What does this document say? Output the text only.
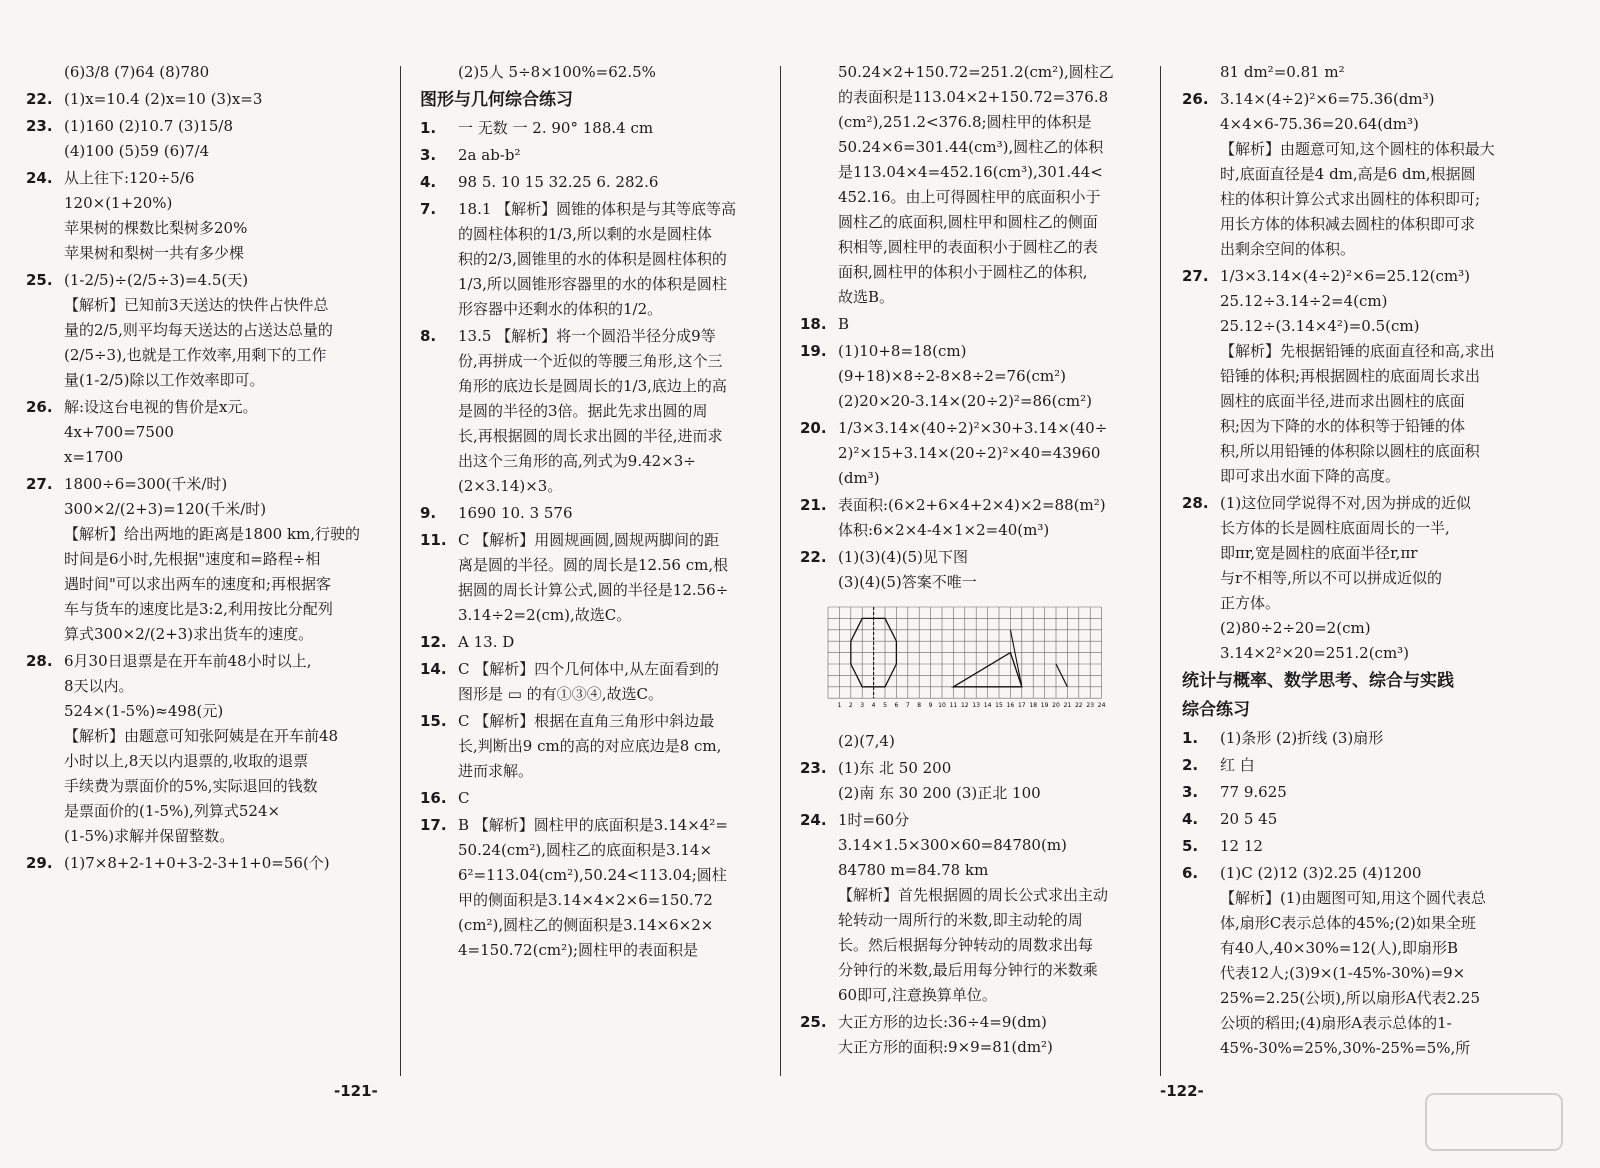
(6)3/8 (7)64 (8)780
22. (1)x=10.4 (2)x=10 (3)x=3
23. (1)160 (2)10.7 (3)15/8
(4)100 (5)59 (6)7/4
24. 从上往下:120÷5/6
120×(1+20%)
苹果树的棵数比梨树多20%
苹果树和梨树一共有多少棵
25. (1-2/5)÷(2/5÷3)=4.5(天)
【解析】已知前3天送达的快件占快件总
量的2/5,则平均每天送达的占送达总量的
(2/5÷3),也就是工作效率,用剩下的工作
量(1-2/5)除以工作效率即可。
26. 解:设这台电视的售价是x元。
4x+700=7500
x=1700
27. 1800÷6=300(千米/时)
300×2/(2+3)=120(千米/时)
【解析】给出两地的距离是1800 km,行驶的
时间是6小时,先根据"速度和=路程÷相
遇时间"可以求出两车的速度和;再根据客
车与货车的速度比是3:2,利用按比分配列
算式300×2/(2+3)求出货车的速度。
28. 6月30日退票是在开车前48小时以上,
8天以内。
524×(1-5%)≈498(元)
【解析】由题意可知张阿姨是在开车前48
小时以上,8天以内退票的,收取的退票
手续费为票面价的5%,实际退回的钱数
是票面价的(1-5%),列算式524×
(1-5%)求解并保留整数。
29. (1)7×8+2-1+0+3-2-3+1+0=56(个)
(2)5人 5÷8×100%=62.5%
图形与几何综合练习
1. 一 无数 一 2. 90° 188.4 cm
3. 2a ab-b²
4. 98 5. 10 15 32.25 6. 282.6
7. 18.1 【解析】圆锥的体积是与其等底等高
的圆柱体积的1/3,所以剩的水是圆柱体
积的2/3,圆锥里的水的体积是圆柱体积的
1/3,所以圆锥形容器里的水的体积是圆柱
形容器中还剩水的体积的1/2。
8. 13.5 【解析】将一个圆沿半径分成9等
份,再拼成一个近似的等腰三角形,这个三
角形的底边长是圆周长的1/3,底边上的高
是圆的半径的3倍。据此先求出圆的周
长,再根据圆的周长求出圆的半径,进而求
出这个三角形的高,列式为9.42×3÷
(2×3.14)×3。
9. 1690 10. 3 576
11. C 【解析】用圆规画圆,圆规两脚间的距
离是圆的半径。圆的周长是12.56 cm,根
据圆的周长计算公式,圆的半径是12.56÷
3.14÷2=2(cm),故选C。
12. A 13. D
14. C 【解析】四个几何体中,从左面看到的
图形是 ▭ 的有①③④,故选C。
15. C 【解析】根据在直角三角形中斜边最
长,判断出9 cm的高的对应底边是8 cm,
进而求解。
16. C
17. B 【解析】圆柱甲的底面积是3.14×4²=
50.24(cm²),圆柱乙的底面积是3.14×
6²=113.04(cm²),50.24<113.04;圆柱
甲的侧面积是3.14×4×2×6=150.72
(cm²),圆柱乙的侧面积是3.14×6×2×
4=150.72(cm²);圆柱甲的表面积是
50.24×2+150.72=251.2(cm²),圆柱乙
的表面积是113.04×2+150.72=376.8
(cm²),251.2<376.8;圆柱甲的体积是
50.24×6=301.44(cm³),圆柱乙的体积
是113.04×4=452.16(cm³),301.44<
452.16。由上可得圆柱甲的底面积小于
圆柱乙的底面积,圆柱甲和圆柱乙的侧面
积相等,圆柱甲的表面积小于圆柱乙的表
面积,圆柱甲的体积小于圆柱乙的体积,
故选B。
18. B
19. (1)10+8=18(cm)
(9+18)×8÷2-8×8÷2=76(cm²)
(2)20×20-3.14×(20÷2)²=86(cm²)
20. 1/3×3.14×(40÷2)²×30+3.14×(40÷
2)²×15+3.14×(20÷2)²×40=43960
(dm³)
21. 表面积:(6×2+6×4+2×4)×2=88(m²)
体积:6×2×4-4×1×2=40(m³)
22. (1)(3)(4)(5)见下图
(3)(4)(5)答案不唯一
1 2 3 4 5 6 7 8 9 10 11 12 13 14 15 16 17 18 19 20 21 22 23 24
(2)(7,4)
23. (1)东 北 50 200
(2)南 东 30 200 (3)正北 100
24. 1时=60分
3.14×1.5×300×60=84780(m)
84780 m=84.78 km
【解析】首先根据圆的周长公式求出主动
轮转动一周所行的米数,即主动轮的周
长。然后根据每分钟转动的周数求出每
分钟行的米数,最后用每分钟行的米数乘
60即可,注意换算单位。
25. 大正方形的边长:36÷4=9(dm)
大正方形的面积:9×9=81(dm²)
81 dm²=0.81 m²
26. 3.14×(4÷2)²×6=75.36(dm³)
4×4×6-75.36=20.64(dm³)
【解析】由题意可知,这个圆柱的体积最大
时,底面直径是4 dm,高是6 dm,根据圆
柱的体积计算公式求出圆柱的体积即可;
用长方体的体积减去圆柱的体积即可求
出剩余空间的体积。
27. 1/3×3.14×(4÷2)²×6=25.12(cm³)
25.12÷3.14÷2=4(cm)
25.12÷(3.14×4²)=0.5(cm)
【解析】先根据铅锤的底面直径和高,求出
铅锤的体积;再根据圆柱的底面周长求出
圆柱的底面半径,进而求出圆柱的底面
积;因为下降的水的体积等于铅锤的体
积,所以用铅锤的体积除以圆柱的底面积
即可求出水面下降的高度。
28. (1)这位同学说得不对,因为拼成的近似
长方体的长是圆柱底面周长的一半,
即πr,宽是圆柱的底面半径r,πr
与r不相等,所以不可以拼成近似的
正方体。
(2)80÷2÷20=2(cm)
3.14×2²×20=251.2(cm³)
统计与概率、数学思考、综合与实践
综合练习
1. (1)条形 (2)折线 (3)扇形
2. 红 白
3. 77 9.625
4. 20 5 45
5. 12 12
6. (1)C (2)12 (3)2.25 (4)1200
【解析】(1)由题图可知,用这个圆代表总
体,扇形C表示总体的45%;(2)如果全班
有40人,40×30%=12(人),即扇形B
代表12人;(3)9×(1-45%-30%)=9×
25%=2.25(公顷),所以扇形A代表2.25
公顷的稻田;(4)扇形A表示总体的1-
45%-30%=25%,30%-25%=5%,所
-121-	-122-
